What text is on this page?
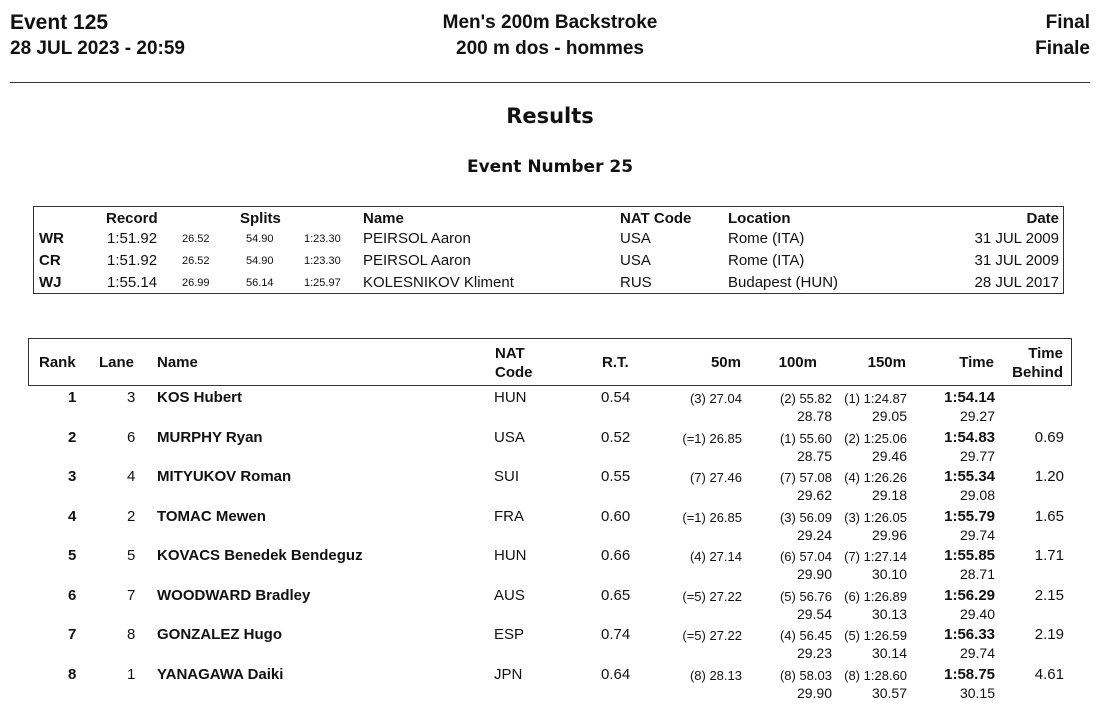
Event 125
28 JUL 2023 - 20:59
Men's 200m Backstroke
200 m dos - hommes
Final
Finale
Results
Event Number 25
Record	Splits	Name	NAT Code Location	Date
WR	1:51.92 26.52	54.90	1:23.30 PEIRSOL Aaron	USA	Rome (ITA)	31 JUL 2009
CR	1:51.92 26.52	54.90	1:23.30 PEIRSOL Aaron	USA	Rome (ITA)	31 JUL 2009
WJ	1:55.14 26.99	56.14	1:25.97 KOLESNIKOV Kliment	RUS	Budapest (HUN)	28 JUL 2017
Rank Lane Name
NAT
Code
R.T.	50m	100m	150m	Time
Time
Behind
1	3 KOS Hubert	HUN	0.54	(3) 27.04	(2) 55.82 (1) 1:24.87 1:54.14
28.78	29.05	29.27
2	6 MURPHY Ryan	USA	0.52	(=1) 26.85	(1) 55.60 (2) 1:25.06 1:54.83	0.69
28.75	29.46	29.77
3	4 MITYUKOV Roman	SUI	0.55	(7) 27.46	(7) 57.08 (4) 1:26.26 1:55.34	1.20
29.62	29.18	29.08
4	2 TOMAC Mewen	FRA	0.60	(=1) 26.85	(3) 56.09 (3) 1:26.05 1:55.79	1.65
29.24	29.96	29.74
5	5 KOVACS Benedek Bendeguz	HUN	0.66	(4) 27.14	(6) 57.04 (7) 1:27.14 1:55.85	1.71
29.90	30.10	28.71
6	7 WOODWARD Bradley	AUS	0.65	(=5) 27.22	(5) 56.76 (6) 1:26.89 1:56.29	2.15
29.54	30.13	29.40
7	8 GONZALEZ Hugo	ESP	0.74	(=5) 27.22	(4) 56.45 (5) 1:26.59 1:56.33	2.19
29.23	30.14	29.74
8	1 YANAGAWA Daiki	JPN	0.64	(8) 28.13	(8) 58.03 (8) 1:28.60 1:58.75	4.61
29.90	30.57	30.15
